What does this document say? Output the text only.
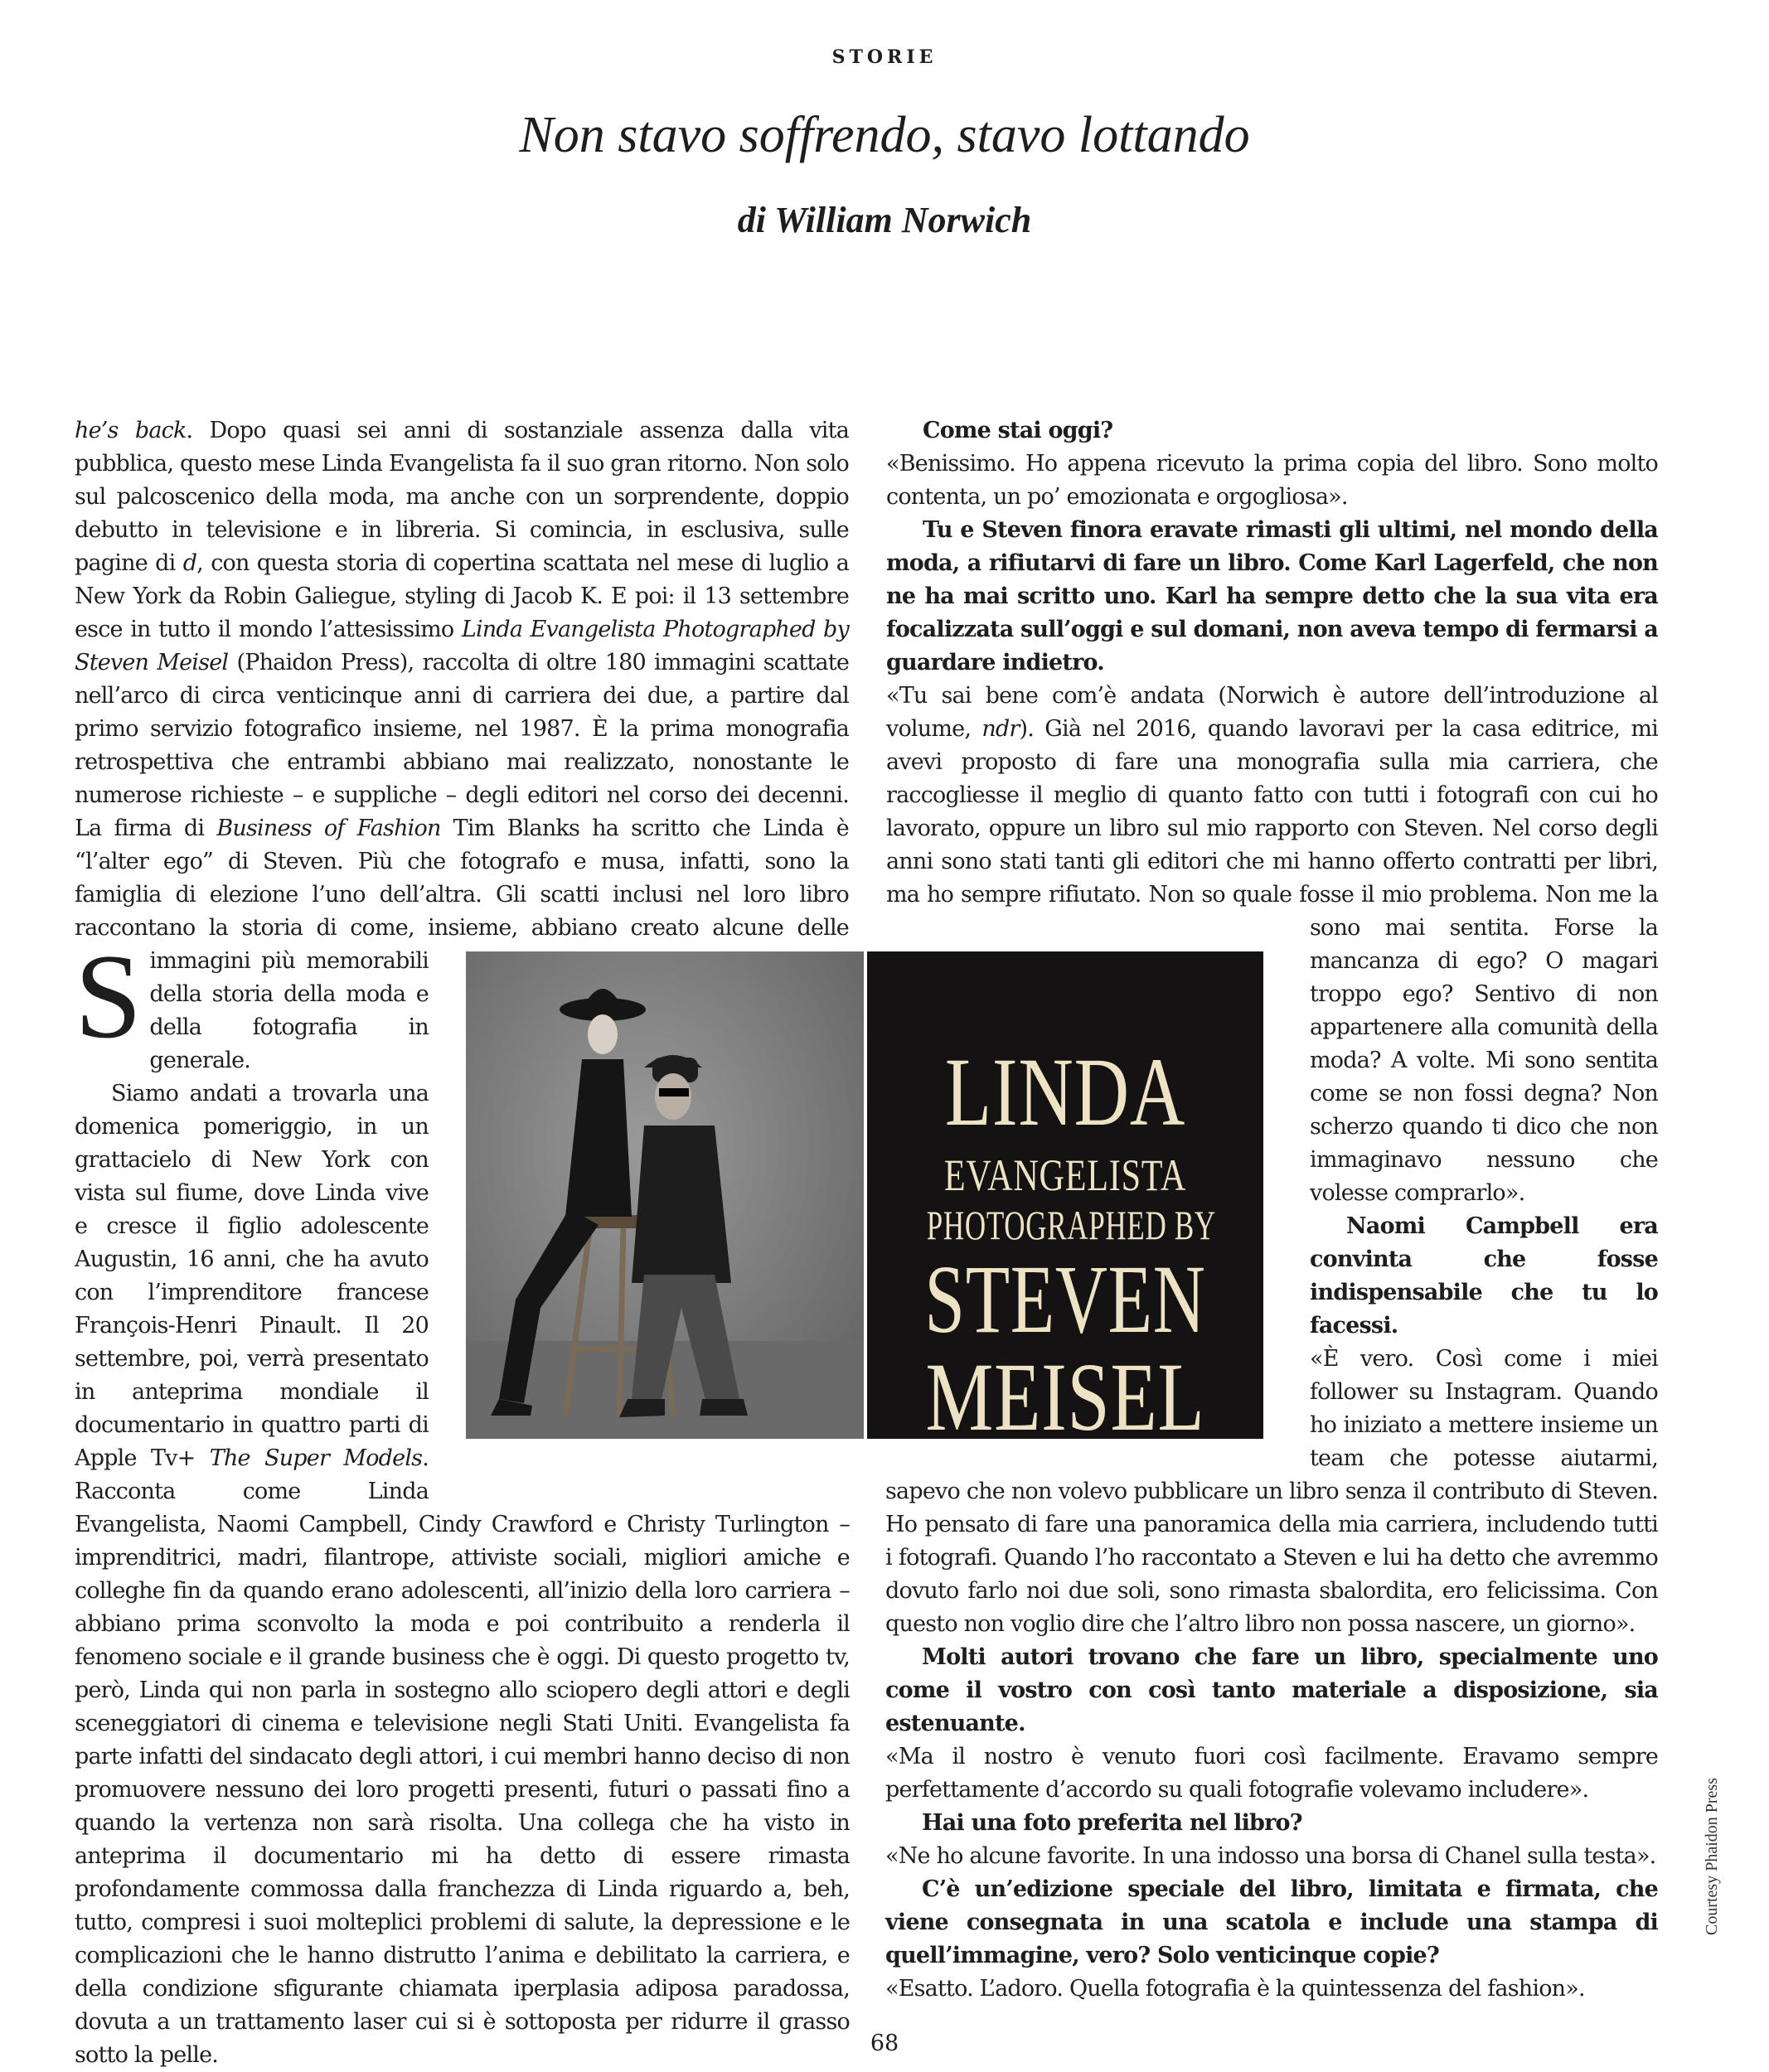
STORIE
Non stavo soffrendo, stavo lottando
di William Norwich
S

he’s back. Dopo quasi sei anni di sostanziale assenza dalla vita pubblica, questo mese Linda Evangelista fa il suo gran ritorno. Non solo sul palcoscenico della moda, ma anche con un sorprendente, doppio debutto in televisione e in libreria. Si comincia, in esclusiva, sulle pagine di d, con questa storia di copertina scattata nel mese di luglio a New York da Robin Galiegue, styling di Jacob K. E poi: il 13 settembre esce in tutto il mondo l’attesissimo Linda Evangelista Photographed by Steven Meisel (Phaidon Press), raccolta di oltre 180 immagini scattate nell’arco di circa venticinque anni di carriera dei due, a partire dal primo servizio fotografico insieme, nel 1987. È la prima monografia retrospettiva che entrambi abbiano mai realizzato, nonostante le numerose richieste – e suppliche – degli editori nel corso dei decenni. La firma di Business of Fashion Tim Blanks ha scritto che Linda è “l’alter ego” di Steven. Più che fotografo e musa, infatti, sono la famiglia di elezione l’uno dell’altra. Gli scatti inclusi nel loro libro raccontano la storia di come, insieme, abbiano creato alcune delle immagini più memorabili della storia della moda e della fotografia in generale.

Siamo andati a trovarla una domenica pomeriggio, in un grattacielo di New York con vista sul fiume, dove Linda vive e cresce il figlio adolescente Augustin, 16 anni, che ha avuto con l’imprenditore francese François-Henri Pinault. Il 20 settembre, poi, verrà presentato in anteprima mondiale il documentario in quattro parti di Apple Tv+ The Super Models. Racconta come Linda Evangelista, Naomi Campbell, Cindy Crawford e Christy Turlington – imprenditrici, madri, filantrope, attiviste sociali, migliori amiche e colleghe fin da quando erano adolescenti, all’inizio della loro carriera – abbiano prima sconvolto la moda e poi contribuito a renderla il fenomeno sociale e il grande business che è oggi. Di questo progetto tv, però, Linda qui non parla in sostegno allo sciopero degli attori e degli sceneggiatori di cinema e televisione negli Stati Uniti. Evangelista fa parte infatti del sindacato degli attori, i cui membri hanno deciso di non promuovere nessuno dei loro progetti presenti, futuri o passati fino a quando la vertenza non sarà risolta. Una collega che ha visto in anteprima il documentario mi ha detto di essere rimasta profondamente commossa dalla franchezza di Linda riguardo a, beh, tutto, compresi i suoi molteplici problemi di salute, la depressione e le complicazioni che le hanno distrutto l’anima e debilitato la carriera, e della condizione sfigurante chiamata iperplasia adiposa paradossa, dovuta a un trattamento laser cui si è sottoposta per ridurre il grasso sotto la pelle.

Come stai oggi?

«Benissimo. Ho appena ricevuto la prima copia del libro. Sono molto contenta, un po’ emozionata e orgogliosa».

Tu e Steven finora eravate rimasti gli ultimi, nel mondo della moda, a rifiutarvi di fare un libro. Come Karl Lagerfeld, che non ne ha mai scritto uno. Karl ha sempre detto che la sua vita era focalizzata sull’oggi e sul domani, non aveva tempo di fermarsi a guardare indietro.

«Tu sai bene com’è andata (Norwich è autore dell’introduzione al volume, ndr). Già nel 2016, quando lavoravi per la casa editrice, mi avevi proposto di fare una monografia sulla mia carriera, che raccogliesse il meglio di quanto fatto con tutti i fotografi con cui ho lavorato, oppure un libro sul mio rapporto con Steven. Nel corso degli anni sono stati tanti gli editori che mi hanno offerto contratti per libri, ma ho sempre rifiutato. Non so quale fosse il mio problema. Non me la sono mai sentita. Forse la mancanza di ego? O magari troppo ego? Sentivo di non appartenere alla comunità della moda? A volte. Mi sono sentita come se non fossi degna? Non scherzo quando ti dico che non immaginavo nessuno che volesse comprarlo».

Naomi Campbell era convinta che fosse indispensabile che tu lo facessi.

«È vero. Così come i miei follower su Instagram. Quando ho iniziato a mettere insieme un team che potesse aiutarmi, sapevo che non volevo pubblicare un libro senza il contributo di Steven. Ho pensato di fare una panoramica della mia carriera, includendo tutti i fotografi. Quando l’ho raccontato a Steven e lui ha detto che avremmo dovuto farlo noi due soli, sono rimasta sbalordita, ero felicissima. Con questo non voglio dire che l’altro libro non possa nascere, un giorno».

Molti autori trovano che fare un libro, specialmente uno come il vostro con così tanto materiale a disposizione, sia estenuante.

«Ma il nostro è venuto fuori così facilmente. Eravamo sempre perfettamente d’accordo su quali fotografie volevamo includere».

Hai una foto preferita nel libro?

«Ne ho alcune favorite. In una indosso una borsa di Chanel sulla testa».

C’è un’edizione speciale del libro, limitata e firmata, che viene consegnata in una scatola e include una stampa di quell’immagine, vero? Solo venticinque copie?

«Esatto. L’adoro. Quella fotografia è la quintessenza del fashion».

LINDA
EVANGELISTA
PHOTOGRAPHED BY
STEVEN
MEISEL
Courtesy Phaidon Press
68
